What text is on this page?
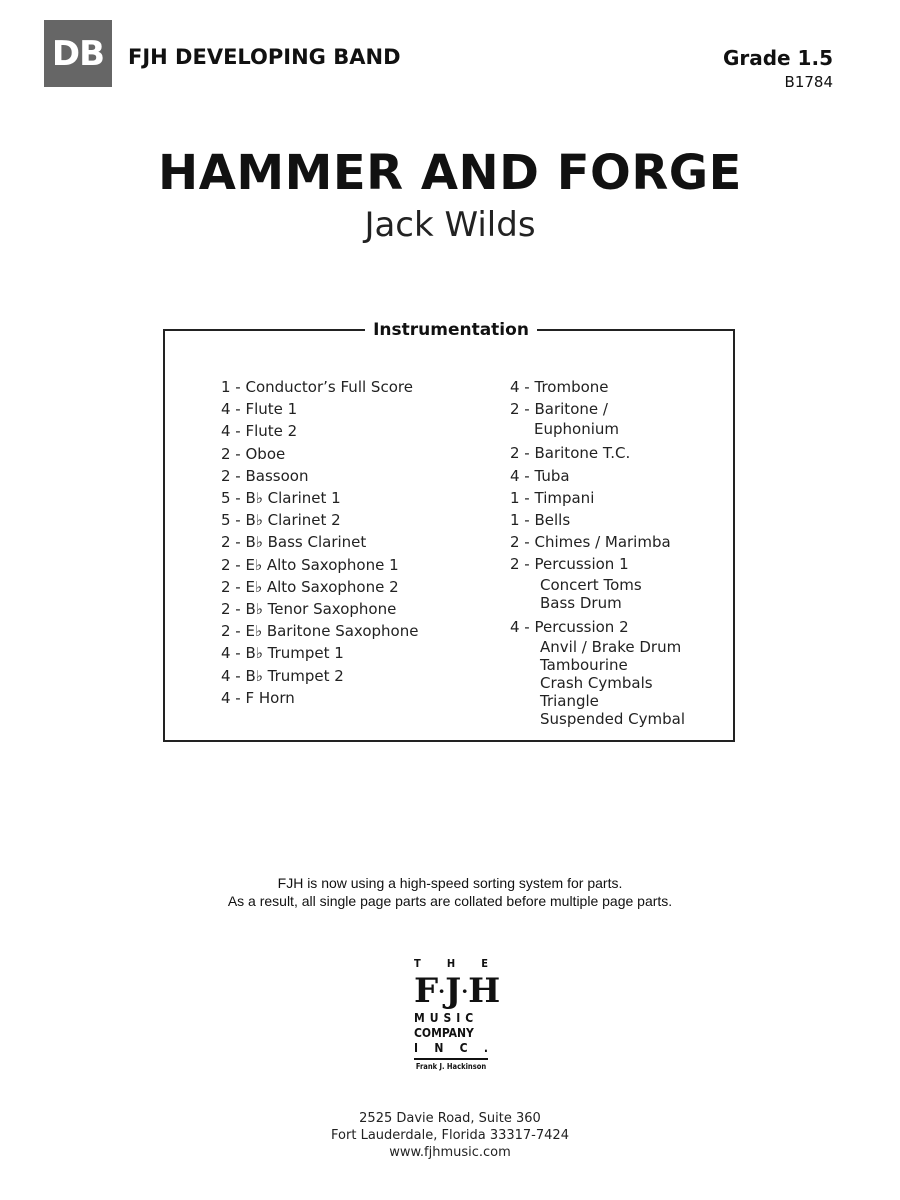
DB	FJH DEVELOPING BAND	Grade 1.5
B1784
HAMMER AND FORGE
Jack Wilds
Instrumentation
1 - Conductor’s Full Score
4 - Flute 1
4 - Flute 2
2 - Oboe
2 - Bassoon
5 - B♭ Clarinet 1
5 - B♭ Clarinet 2
2 - B♭ Bass Clarinet
2 - E♭ Alto Saxophone 1
2 - E♭ Alto Saxophone 2
2 - B♭ Tenor Saxophone
2 - E♭ Baritone Saxophone
4 - B♭ Trumpet 1
4 - B♭ Trumpet 2
4 - F Horn
4 - Trombone
2 - Baritone /
Euphonium
2 - Baritone T.C.
4 - Tuba
1 - Timpani
1 - Bells
2 - Chimes / Marimba
2 - Percussion 1
Concert Toms
Bass Drum
4 - Percussion 2
Anvil / Brake Drum
Tambourine
Crash Cymbals
Triangle
Suspended Cymbal
FJH is now using a high-speed sorting system for parts.
As a result, all single page parts are collated before multiple page parts.
T H E
F · J · H
MUSIC
COMPANY
I N C .
Frank J. Hackinson
2525 Davie Road, Suite 360
Fort Lauderdale, Florida 33317-7424
www.fjhmusic.com
